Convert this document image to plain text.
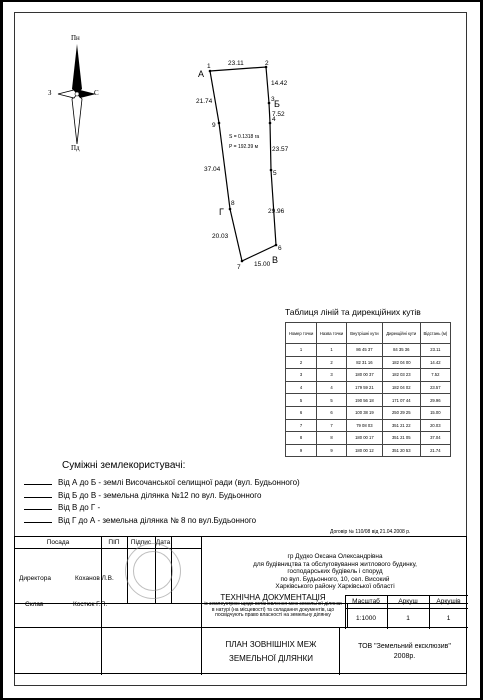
Пн
Пд
З	С
А
Б
В
Г
1	2
3
4
5
6
7
8
9
23.11
14.42
7.52
23.57
29.96
15.00
20.03
37.04
21.74
S = 0.1318 га
P = 192.39 м
Таблиця ліній та дирекційних кутів
Номер точки	Назва точки	Внутрішні кути	Дирекційні кути	Відстань (м)
1	1	86 45 37	84 35 36	23.11
2	2	82 31 16	182 04 00	14.42
3	3	180 00 37	182 03 23	7.52
4	4	179 59 21	182 04 02	23.57
5	5	190 56 18	171 07 44	29.96
6	6	100 38 19	250 29 25	15.00
7	7	79 08 03	351 21 22	20.03
8	8	180 00 17	351 21 05	37.04
9	9	180 00 12	351 20 53	21.74
Суміжні землекористувачі:
Від А до Б - землі Височанської селищної ради (вул. Будьонного)
Від Б до В - земельна ділянка №12 по вул. Будьонного
Від В до Г -
Від Г до А - земельна ділянка № 8 по вул.Будьонного
Договір № 110/08 від 21.04.2008 р.
Посада	ПІП	Підпис Дата
Директора	Коханов Л.В.
Склав	Костюк Г.П.
гр Дудко Оксана Олександрівна
для будівництва та обслуговування житлового будинку,
господарських будівель і споруд
по вул. Будьонного, 10, сел. Високий
Харківського району Харківської області
ТЕХНІЧНА ДОКУМЕНТАЦІЯ
із землеустрою щодо встановлення меж земельної ділянки в натурі (на місцевості) та складання документів, що посвідчують право власності на земельну ділянку
Масштаб	Аркуш	Аркушів
1:1000	1	1
ПЛАН ЗОВНІШНІХ МЕЖ
ЗЕМЕЛЬНОЇ ДІЛЯНКИ
ТОВ "Земельний екcклюзив"
2008р.
